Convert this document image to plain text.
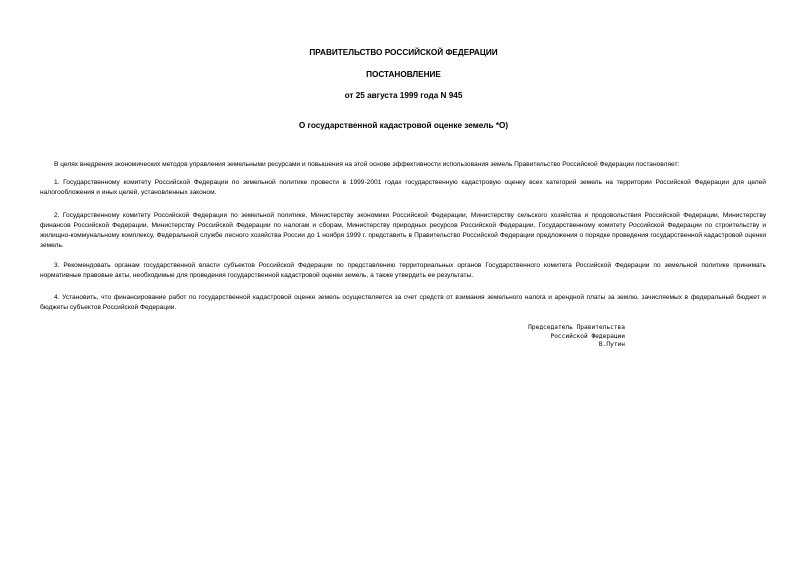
ПРАВИТЕЛЬСТВО РОССИЙСКОЙ ФЕДЕРАЦИИ
ПОСТАНОВЛЕНИЕ
от 25 августа 1999 года N 945
О государственной кадастровой оценке земель *О)

В целях внедрения экономических методов управления земельными ресурсами и повышения на этой основе эффективности использования земель Правительство Российской Федерации постановляет:

1. Государственному комитету Российской Федерации по земельной политике провести в 1999-2001 годах государственную кадастровую оценку всех категорий земель на территории Российской Федерации для целей налогообложения и иных целей, установленных законом.

2. Государственному комитету Российской Федерации по земельной политике, Министерству экономики Российской Федерации, Министерству сельского хозяйства и продовольствия Российской Федерации, Министерству финансов Российской Федерации, Министерству Российской Федерации по налогам и сборам, Министерству природных ресурсов Российской Федерации, Государственному комитету Российской Федерации по строительству и жилищно-коммунальному комплексу, Федеральной службе лесного хозяйства России до 1 ноября 1999 г. представить в Правительство Российской Федерации предложения о порядке проведения государственной кадастровой оценки земель.

3. Рекомендовать органам государственной власти субъектов Российской Федерации по представлению территориальных органов Государственного комитета Российской Федерации по земельной политике принимать нормативные правовые акты, необходимые для проведения государственной кадастровой оценки земель, а также утвердить ее результаты.

4. Установить, что финансирование работ по государственной кадастровой оценке земель осуществляется за счет средств от взимания земельного налога и арендной платы за землю, зачисляемых в федеральный бюджет и бюджеты субъектов Российской Федерации.

Председатель Правительства
Российской Федерации
В.Путин
